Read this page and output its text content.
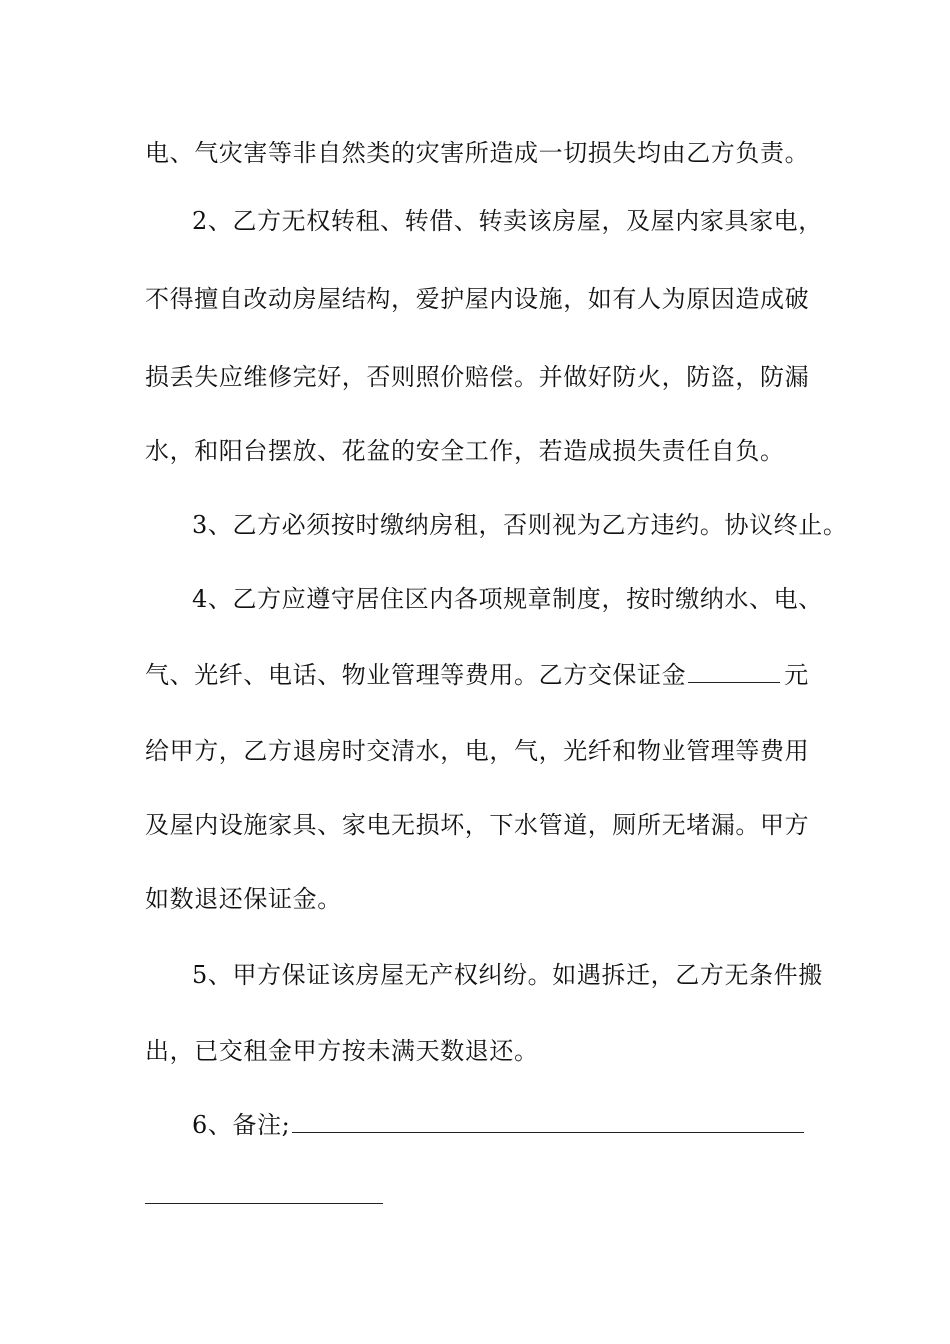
电、气灾害等非自然类的灾害所造成一切损失均由乙方负责。
2、乙方无权转租、转借、转卖该房屋，及屋内家具家电，
不得擅自改动房屋结构，爱护屋内设施，如有人为原因造成破
损丢失应维修完好，否则照价赔偿。并做好防火，防盗，防漏
水，和阳台摆放、花盆的安全工作，若造成损失责任自负。
3、乙方必须按时缴纳房租，否则视为乙方违约。协议终止。
4、乙方应遵守居住区内各项规章制度，按时缴纳水、电、
气、光纤、电话、物业管理等费用。乙方交保证金	元
给甲方，乙方退房时交清水，电，气，光纤和物业管理等费用
及屋内设施家具、家电无损坏，下水管道，厕所无堵漏。甲方
如数退还保证金。
5、甲方保证该房屋无产权纠纷。如遇拆迁，乙方无条件搬
出，已交租金甲方按未满天数退还。
6、备注;
